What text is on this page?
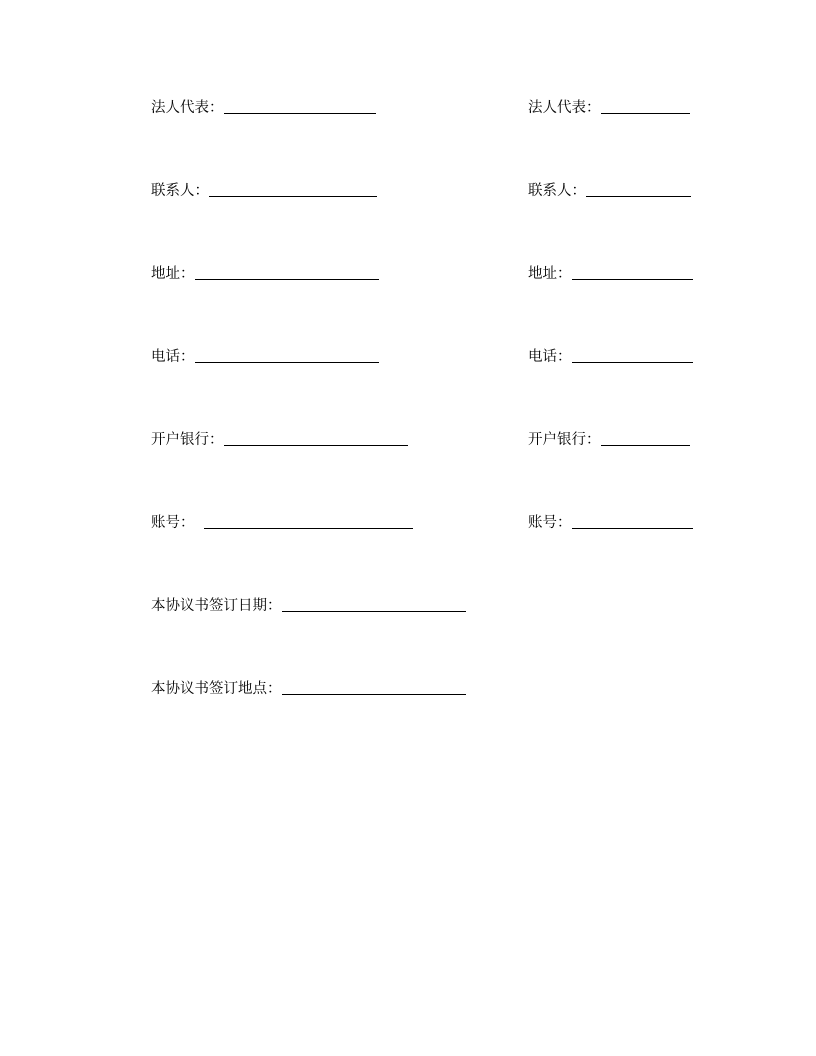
法人代表：
联系人：
地址：
电话：
开户银行：
账号：
本协议书签订日期：
本协议书签订地点：
法人代表：
联系人：
地址：
电话：
开户银行：
账号：
